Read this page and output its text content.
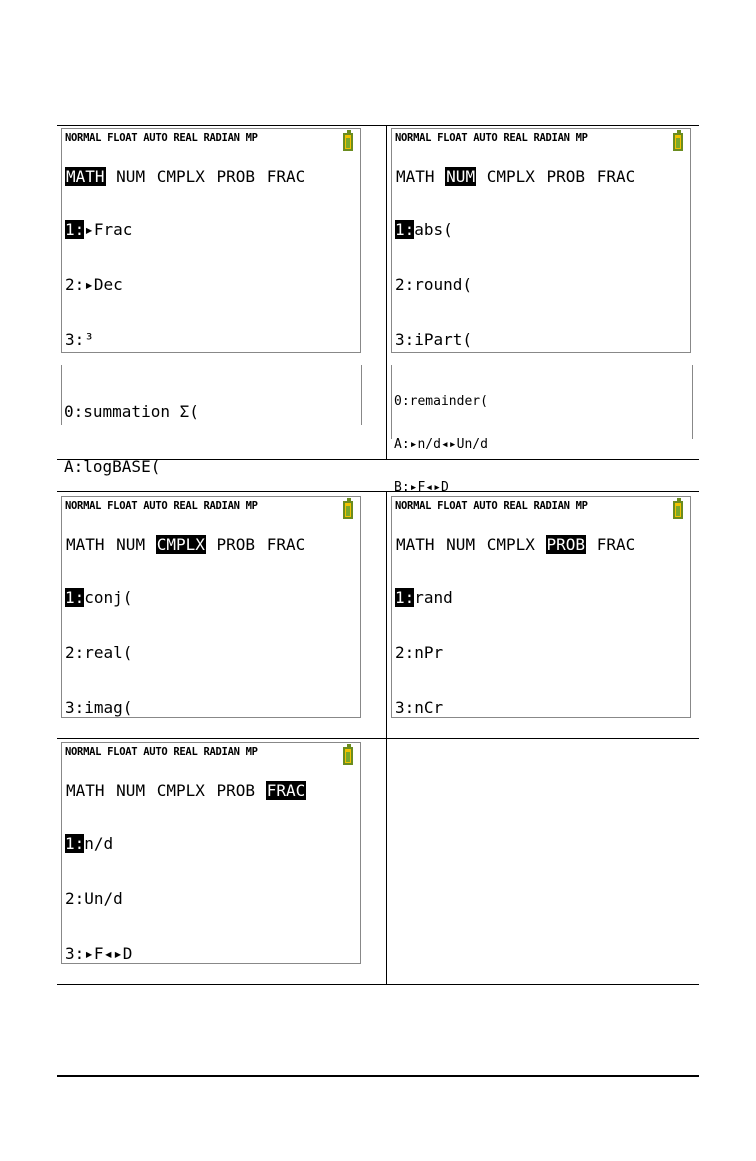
NORMAL FLOAT AUTO REAL RADIAN MP
MATH NUM CMPLX PROB FRAC

1:▸Frac

2:▸Dec

3:³

0:summation Σ(

A:logBASE(

NORMAL FLOAT AUTO REAL RADIAN MP
MATH NUM CMPLX PROB FRAC

1:abs(

2:round(

3:iPart(

0:remainder(

A:▸n/d◂▸Un/d

B:▸F◂▸D

NORMAL FLOAT AUTO REAL RADIAN MP
MATH NUM CMPLX PROB FRAC

1:conj(

2:real(

3:imag(

NORMAL FLOAT AUTO REAL RADIAN MP
MATH NUM CMPLX PROB FRAC

1:rand

2:nPr

3:nCr

NORMAL FLOAT AUTO REAL RADIAN MP
MATH NUM CMPLX PROB FRAC

1:n/d

2:Un/d

3:▸F◂▸D
